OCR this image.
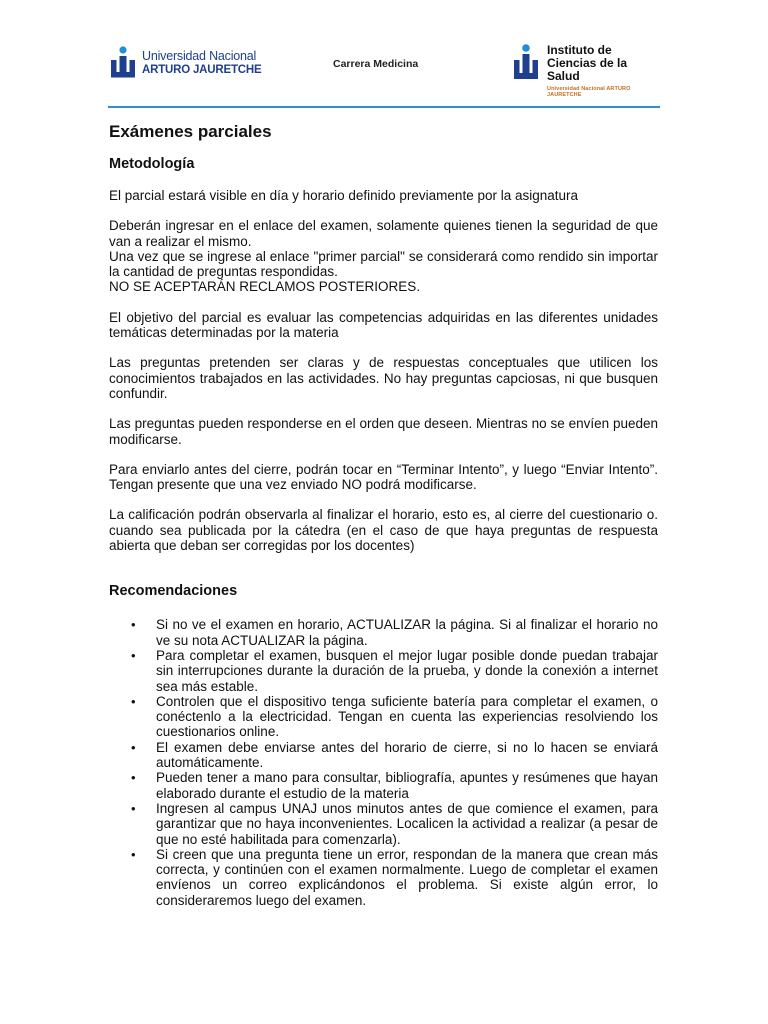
Universidad Nacional
ARTURO JAURETCHE	Carrera Medicina
Instituto de
Ciencias de la Salud
Universidad Nacional ARTURO JAURETCHE
Exámenes parciales
Metodología

El parcial estará visible en día y horario definido previamente por la asignatura

Deberán ingresar en el enlace del examen, solamente quienes tienen la seguridad de que van a realizar el mismo.

Una vez que se ingrese al enlace "primer parcial" se considerará como rendido sin importar la cantidad de preguntas respondidas.

NO SE ACEPTARÁN RECLAMOS POSTERIORES.

El objetivo del parcial es evaluar las competencias adquiridas en las diferentes unidades temáticas determinadas por la materia

Las preguntas pretenden ser claras y de respuestas conceptuales que utilicen los conocimientos trabajados en las actividades. No hay preguntas capciosas, ni que busquen confundir.

Las preguntas pueden responderse en el orden que deseen. Mientras no se envíen pueden modificarse.

Para enviarlo antes del cierre, podrán tocar en “Terminar Intento”, y luego “Enviar Intento”. Tengan presente que una vez enviado NO podrá modificarse.

La calificación podrán observarla al finalizar el horario, esto es, al cierre del cuestionario o. cuando sea publicada por la cátedra (en el caso de que haya preguntas de respuesta abierta que deban ser corregidas por los docentes)

Recomendaciones
• Si no ve el examen en horario, ACTUALIZAR la página. Si al finalizar el horario no ve su nota ACTUALIZAR la página.
• Para completar el examen, busquen el mejor lugar posible donde puedan trabajar sin interrupciones durante la duración de la prueba, y donde la conexión a internet sea más estable.
• Controlen que el dispositivo tenga suficiente batería para completar el examen, o conéctenlo a la electricidad. Tengan en cuenta las experiencias resolviendo los cuestionarios online.
• El examen debe enviarse antes del horario de cierre, si no lo hacen se enviará automáticamente.
• Pueden tener a mano para consultar, bibliografía, apuntes y resúmenes que hayan elaborado durante el estudio de la materia
• Ingresen al campus UNAJ unos minutos antes de que comience el examen, para garantizar que no haya inconvenientes. Localicen la actividad a realizar (a pesar de que no esté habilitada para comenzarla).
• Si creen que una pregunta tiene un error, respondan de la manera que crean más correcta, y continúen con el examen normalmente. Luego de completar el examen envíenos un correo explicándonos el problema. Si existe algún error, lo consideraremos luego del examen.
